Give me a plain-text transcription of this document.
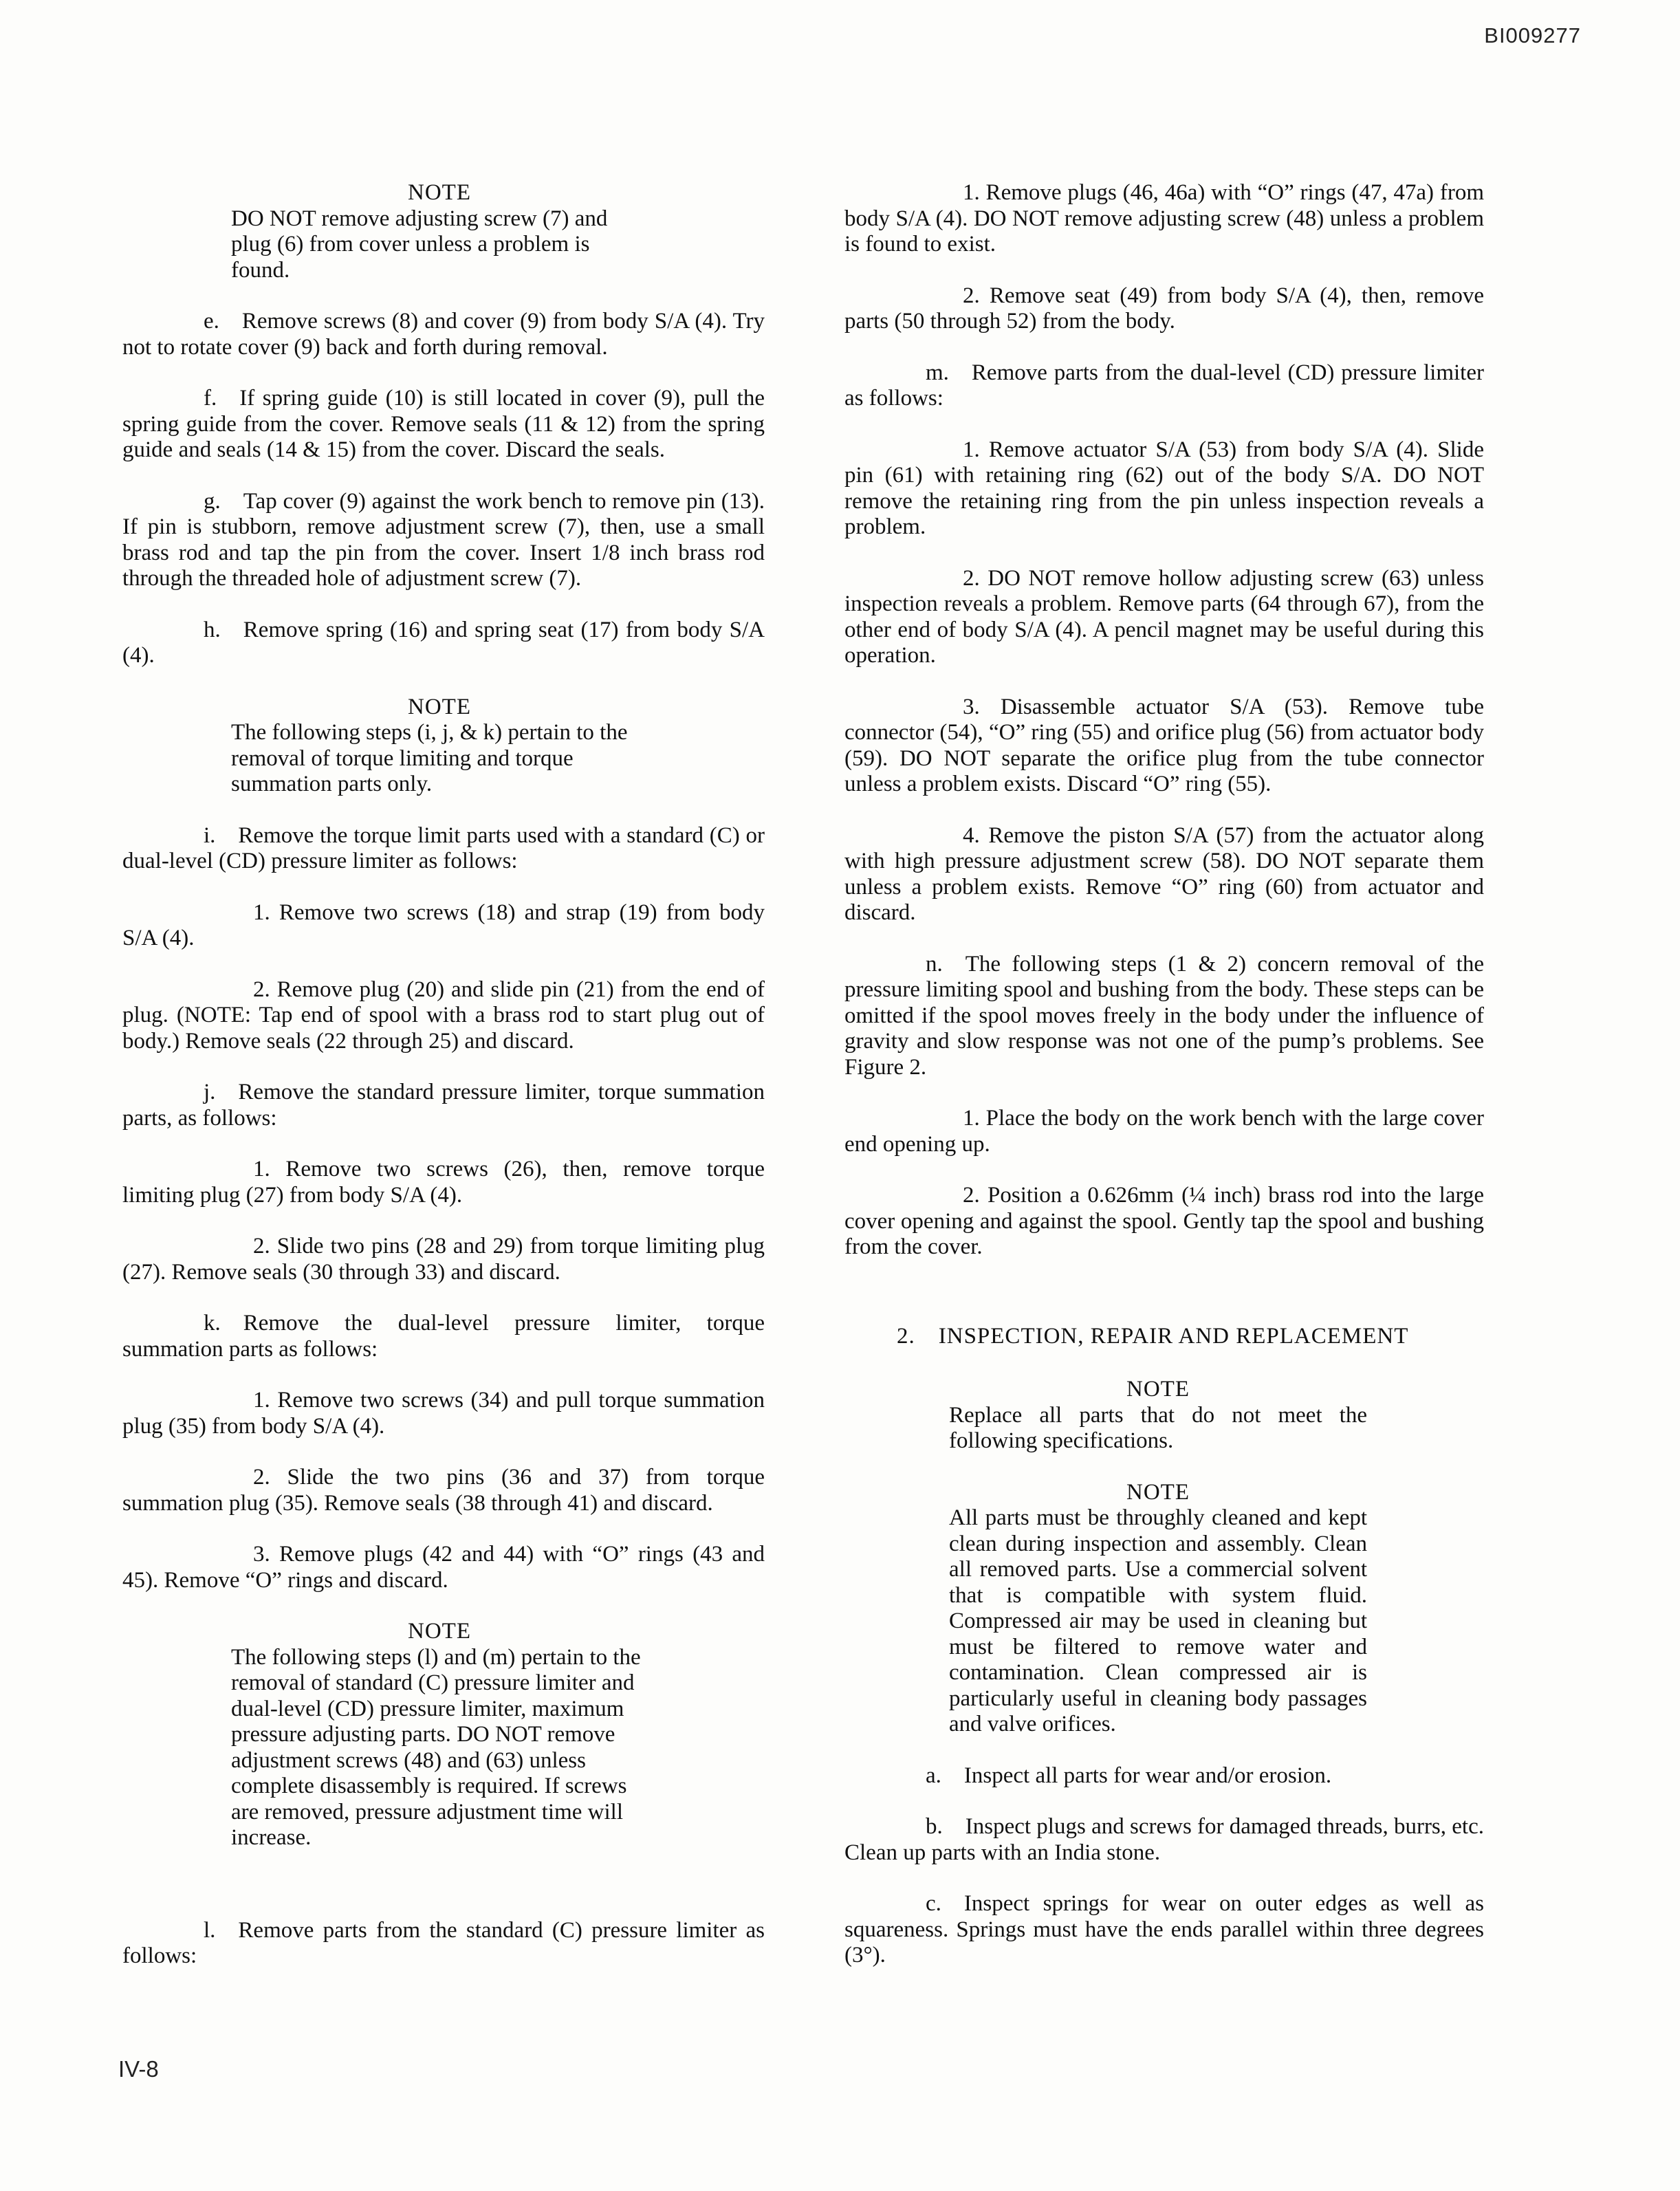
BI009277
NOTE
DO NOT remove adjusting screw (7) and plug (6) from cover unless a problem is found.

e. Remove screws (8) and cover (9) from body S/A (4). Try not to rotate cover (9) back and forth during removal.

f. If spring guide (10) is still located in cover (9), pull the spring guide from the cover. Remove seals (11 & 12) from the spring guide and seals (14 & 15) from the cover. Discard the seals.

g. Tap cover (9) against the work bench to remove pin (13). If pin is stubborn, remove adjustment screw (7), then, use a small brass rod and tap the pin from the cover. Insert 1/8 inch brass rod through the threaded hole of adjustment screw (7).

h. Remove spring (16) and spring seat (17) from body S/A (4).

NOTE
The following steps (i, j, & k) pertain to the removal of torque limiting and torque summation parts only.

i. Remove the torque limit parts used with a standard (C) or dual-level (CD) pressure limiter as follows:

1. Remove two screws (18) and strap (19) from body S/A (4).

2. Remove plug (20) and slide pin (21) from the end of plug. (NOTE: Tap end of spool with a brass rod to start plug out of body.) Remove seals (22 through 25) and discard.

j. Remove the standard pressure limiter, torque summation parts, as follows:

1. Remove two screws (26), then, remove torque limiting plug (27) from body S/A (4).

2. Slide two pins (28 and 29) from torque limiting plug (27). Remove seals (30 through 33) and discard.

k. Remove the dual-level pressure limiter, torque summation parts as follows:

1. Remove two screws (34) and pull torque summation plug (35) from body S/A (4).

2. Slide the two pins (36 and 37) from torque summation plug (35). Remove seals (38 through 41) and discard.

3. Remove plugs (42 and 44) with “O” rings (43 and 45). Remove “O” rings and discard.

NOTE
The following steps (l) and (m) pertain to the removal of standard (C) pressure limiter and dual-level (CD) pressure limiter, maximum pressure adjusting parts. DO NOT remove adjustment screws (48) and (63) unless complete disassembly is required. If screws are removed, pressure adjustment time will increase.

l. Remove parts from the standard (C) pressure limiter as follows:

1. Remove plugs (46, 46a) with “O” rings (47, 47a) from body S/A (4). DO NOT remove adjusting screw (48) unless a problem is found to exist.

2. Remove seat (49) from body S/A (4), then, remove parts (50 through 52) from the body.

m. Remove parts from the dual-level (CD) pressure limiter as follows:

1. Remove actuator S/A (53) from body S/A (4). Slide pin (61) with retaining ring (62) out of the body S/A. DO NOT remove the retaining ring from the pin unless inspection reveals a problem.

2. DO NOT remove hollow adjusting screw (63) unless inspection reveals a problem. Remove parts (64 through 67), from the other end of body S/A (4). A pencil magnet may be useful during this operation.

3. Disassemble actuator S/A (53). Remove tube connector (54), “O” ring (55) and orifice plug (56) from actuator body (59). DO NOT separate the orifice plug from the tube connector unless a problem exists. Discard “O” ring (55).

4. Remove the piston S/A (57) from the actuator along with high pressure adjustment screw (58). DO NOT separate them unless a problem exists. Remove “O” ring (60) from actuator and discard.

n. The following steps (1 & 2) concern removal of the pressure limiting spool and bushing from the body. These steps can be omitted if the spool moves freely in the body under the influence of gravity and slow response was not one of the pump’s problems. See Figure 2.

1. Place the body on the work bench with the large cover end opening up.

2. Position a 0.626mm (¼ inch) brass rod into the large cover opening and against the spool. Gently tap the spool and bushing from the cover.

2. INSPECTION, REPAIR AND REPLACEMENT
NOTE
Replace all parts that do not meet the following specifications.
NOTE
All parts must be throughly cleaned and kept clean during inspection and assembly. Clean all removed parts. Use a commercial solvent that is compatible with system fluid. Compressed air may be used in cleaning but must be filtered to remove water and contamination. Clean compressed air is particularly useful in cleaning body passages and valve orifices.

a. Inspect all parts for wear and/or erosion.

b. Inspect plugs and screws for damaged threads, burrs, etc. Clean up parts with an India stone.

c. Inspect springs for wear on outer edges as well as squareness. Springs must have the ends parallel within three degrees (3°).

IV-8
